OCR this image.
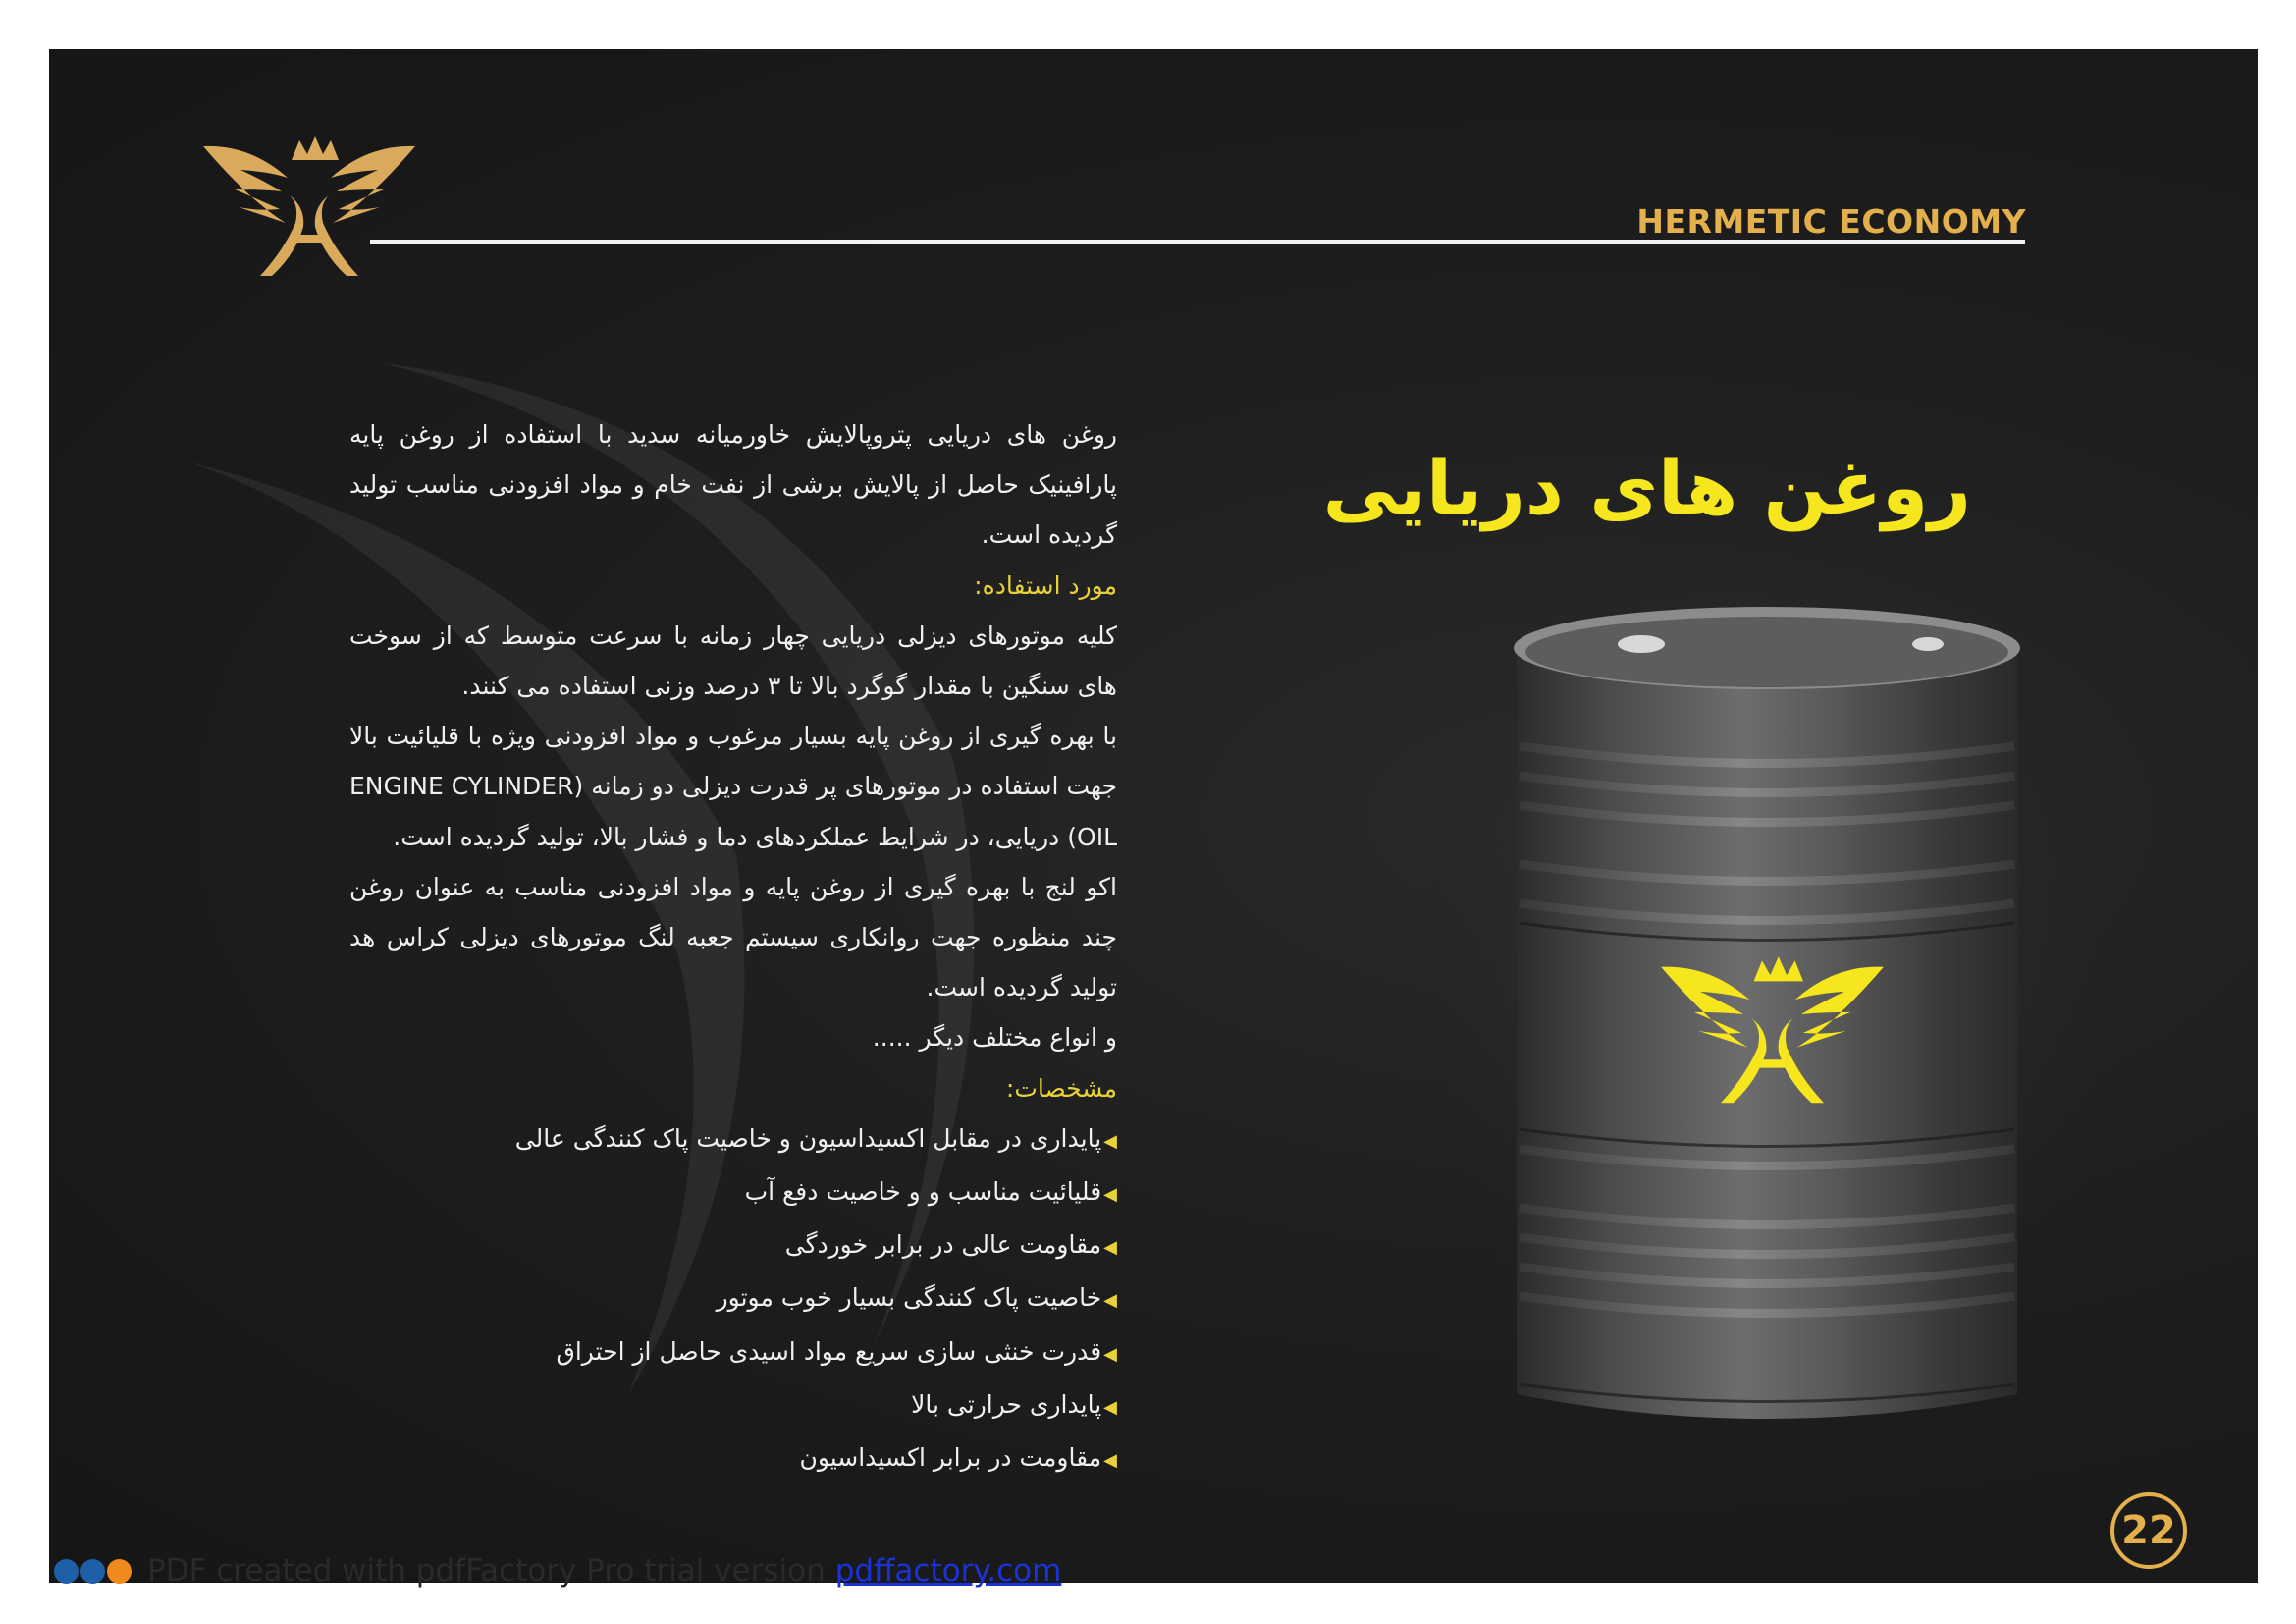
HERMETIC ECONOMY
روغن های دریایی

روغن های دریایی پتروپالایش خاورمیانه سدید با استفاده از روغن پایه پارافینیک حاصل از پالایش برشی از نفت خام و مواد افزودنی مناسب تولید گردیده است.

مورد استفاده:

کلیه موتورهای دیزلی دریایی چهار زمانه با سرعت متوسط که از سوخت های سنگین با مقدار گوگرد بالا تا ۳ درصد وزنی استفاده می کنند.

با بهره گیری از روغن پایه بسیار مرغوب و مواد افزودنی ویژه با قلیائیت بالا جهت استفاده در موتورهای پر قدرت دیزلی دو زمانه (ENGINE CYLINDER OIL) دریایی، در شرایط عملکردهای دما و فشار بالا، تولید گردیده است.

اکو لنج با بهره گیری از روغن پایه و مواد افزودنی مناسب به عنوان روغن چند منظوره جهت روانکاری سیستم جعبه لنگ موتورهای دیزلی کراس هد تولید گردیده است.

و انواع مختلف دیگر .....

مشخصات:

◀پایداری در مقابل اکسیداسیون و خاصیت پاک کنندگی عالی
◀قلیائیت مناسب و و خاصیت دفع آب
◀مقاومت عالی در برابر خوردگی
◀خاصیت پاک کنندگی بسیار خوب موتور
◀قدرت خنثی سازی سریع مواد اسیدی حاصل از احتراق
◀پایداری حرارتی بالا
◀مقاومت در برابر اکسیداسیون
22
PDF created with pdfFactory Pro trial version pdffactory.com
